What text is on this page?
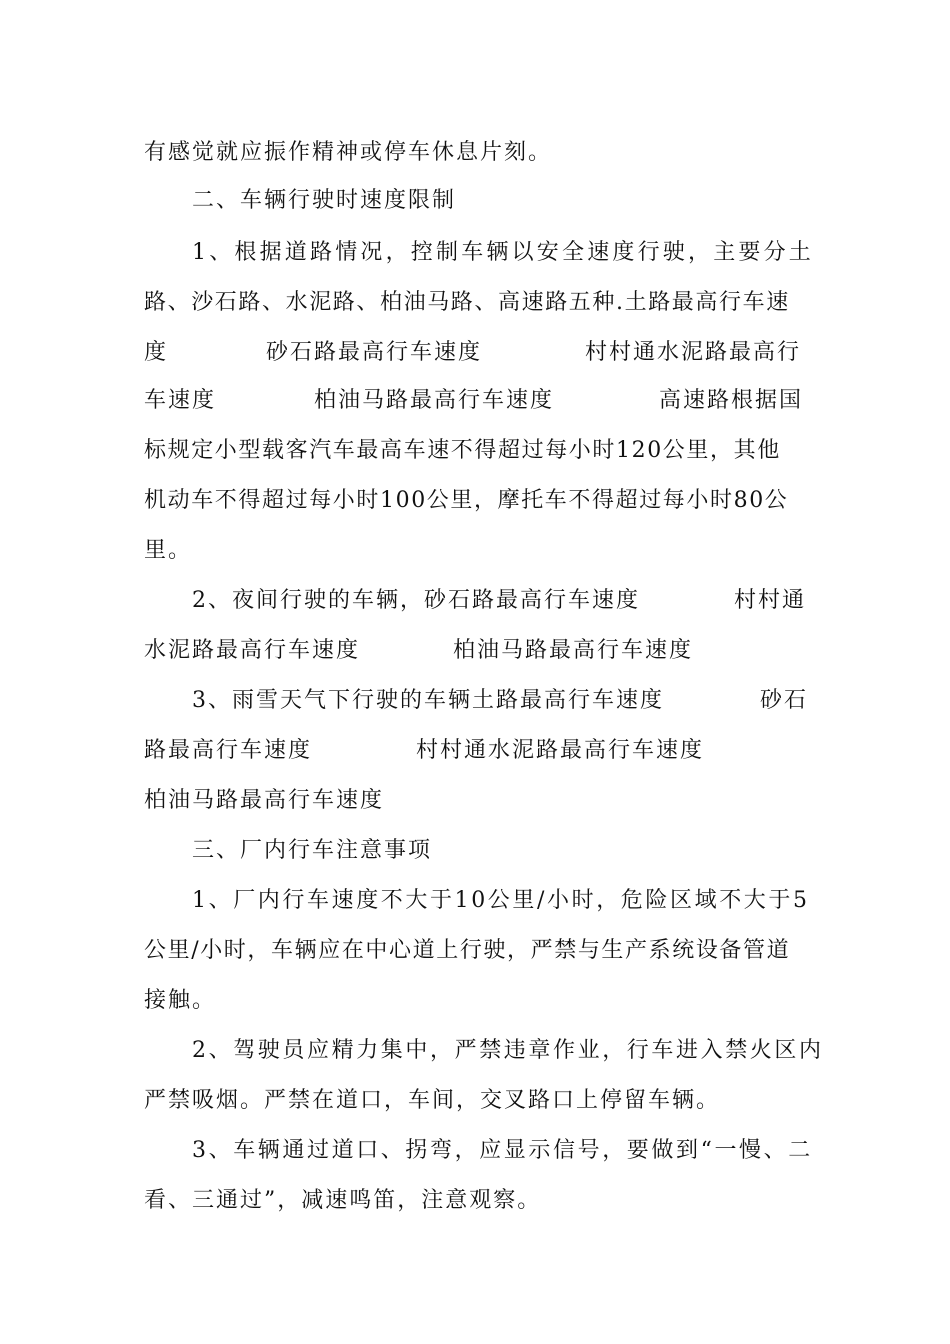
有感觉就应振作精神或停车休息片刻。
二、车辆行驶时速度限制
1、根据道路情况，控制车辆以安全速度行驶，主要分土
路、沙石路、水泥路、柏油马路、高速路五种.土路最高行车速
度	砂石路最高行车速度	村村通水泥路最高行
车速度	柏油马路最高行车速度	高速路根据国
标规定小型载客汽车最高车速不得超过每小时120公里，其他
机动车不得超过每小时100公里，摩托车不得超过每小时80公
里。
2、夜间行驶的车辆，砂石路最高行车速度	村村通
水泥路最高行车速度	柏油马路最高行车速度
3、雨雪天气下行驶的车辆土路最高行车速度	砂石
路最高行车速度	村村通水泥路最高行车速度
柏油马路最高行车速度
三、厂内行车注意事项
1、厂内行车速度不大于10公里/小时，危险区域不大于5
公里/小时，车辆应在中心道上行驶，严禁与生产系统设备管道
接触。
2、驾驶员应精力集中，严禁违章作业，行车进入禁火区内
严禁吸烟。严禁在道口，车间，交叉路口上停留车辆。
3、车辆通过道口、拐弯，应显示信号，要做到“一慢、二
看、三通过”，减速鸣笛，注意观察。
